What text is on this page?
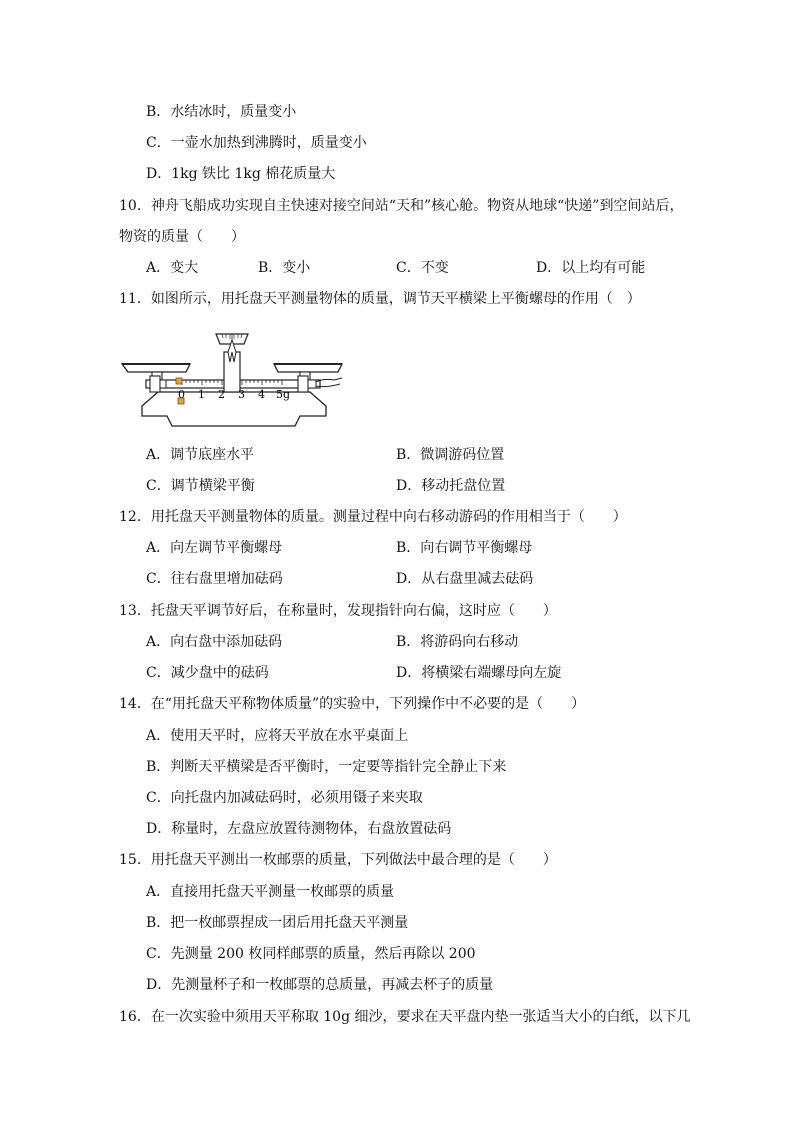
B．水结冰时，质量变小
C．一壶水加热到沸腾时，质量变小
D．1kg 铁比 1kg 棉花质量大
10．神舟飞船成功实现自主快速对接空间站“天和”核心舱。物资从地球“快递”到空间站后，
物资的质量（　　）
A．变大	B．变小	C．不变	D．以上均有可能
11．如图所示，用托盘天平测量物体的质量，调节天平横梁上平衡螺母的作用（　）
0 1 2 3 4 5g
A．调节底座水平	B．微调游码位置
C．调节横梁平衡	D．移动托盘位置
12．用托盘天平测量物体的质量。测量过程中向右移动游码的作用相当于（　　）
A．向左调节平衡螺母	B．向右调节平衡螺母
C．往右盘里增加砝码	D．从右盘里减去砝码
13．托盘天平调节好后，在称量时，发现指针向右偏，这时应（　　）
A．向右盘中添加砝码	B．将游码向右移动
C．减少盘中的砝码	D．将横梁右端螺母向左旋
14．在“用托盘天平称物体质量”的实验中，下列操作中不必要的是（　　）
A．使用天平时，应将天平放在水平桌面上
B．判断天平横梁是否平衡时，一定要等指针完全静止下来
C．向托盘内加减砝码时，必须用镊子来夹取
D．称量时，左盘应放置待测物体，右盘放置砝码
15．用托盘天平测出一枚邮票的质量，下列做法中最合理的是（　　）
A．直接用托盘天平测量一枚邮票的质量
B．把一枚邮票捏成一团后用托盘天平测量
C．先测量 200 枚同样邮票的质量，然后再除以 200
D．先测量杯子和一枚邮票的总质量，再减去杯子的质量
16．在一次实验中须用天平称取 10g 细沙，要求在天平盘内垫一张适当大小的白纸，以下几
